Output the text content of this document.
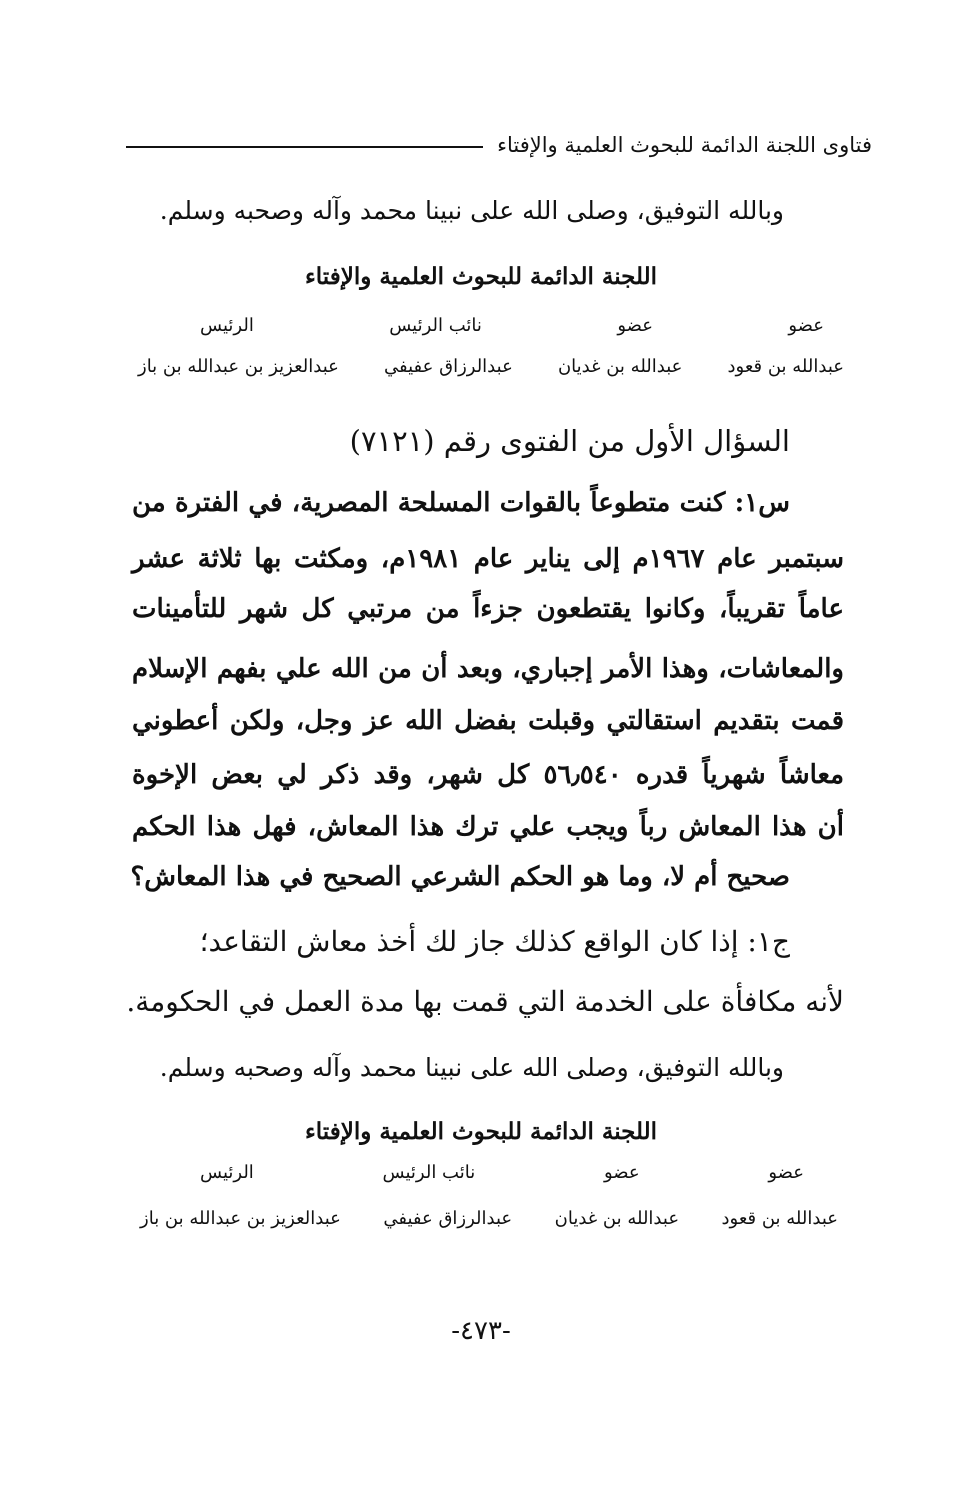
فتاوى اللجنة الدائمة للبحوث العلمية والإفتاء
وبالله التوفيق، وصلى الله على نبينا محمد وآله وصحبه وسلم.
اللجنة الدائمة للبحوث العلمية والإفتاء
عضو
عضو
نائب الرئيس
الرئيس
عبدالله بن قعود
عبدالله بن غديان
عبدالرزاق عفيفي
عبدالعزيز بن عبدالله بن باز
السؤال الأول من الفتوى رقم (٧١٢١)
س١: كنت متطوعاً بالقوات المسلحة المصرية، في الفترة من
سبتمبر عام ١٩٦٧م إلى يناير عام ١٩٨١م، ومكثت بها ثلاثة عشر
عاماً تقريباً، وكانوا يقتطعون جزءاً من مرتبي كل شهر للتأمينات
والمعاشات، وهذا الأمر إجباري، وبعد أن من الله علي بفهم الإسلام
قمت بتقديم استقالتي وقبلت بفضل الله عز وجل، ولكن أعطوني
معاشاً شهرياً قدره ٥٦٫٥٤٠ كل شهر، وقد ذكر لي بعض الإخوة
أن هذا المعاش رباً ويجب علي ترك هذا المعاش، فهل هذا الحكم
صحيح أم لا، وما هو الحكم الشرعي الصحيح في هذا المعاش؟
ج١: إذا كان الواقع كذلك جاز لك أخذ معاش التقاعد؛
لأنه مكافأة على الخدمة التي قمت بها مدة العمل في الحكومة.
وبالله التوفيق، وصلى الله على نبينا محمد وآله وصحبه وسلم.
اللجنة الدائمة للبحوث العلمية والإفتاء
عضو
عضو
نائب الرئيس
الرئيس
عبدالله بن قعود
عبدالله بن غديان
عبدالرزاق عفيفي
عبدالعزيز بن عبدالله بن باز
-٤٧٣-
